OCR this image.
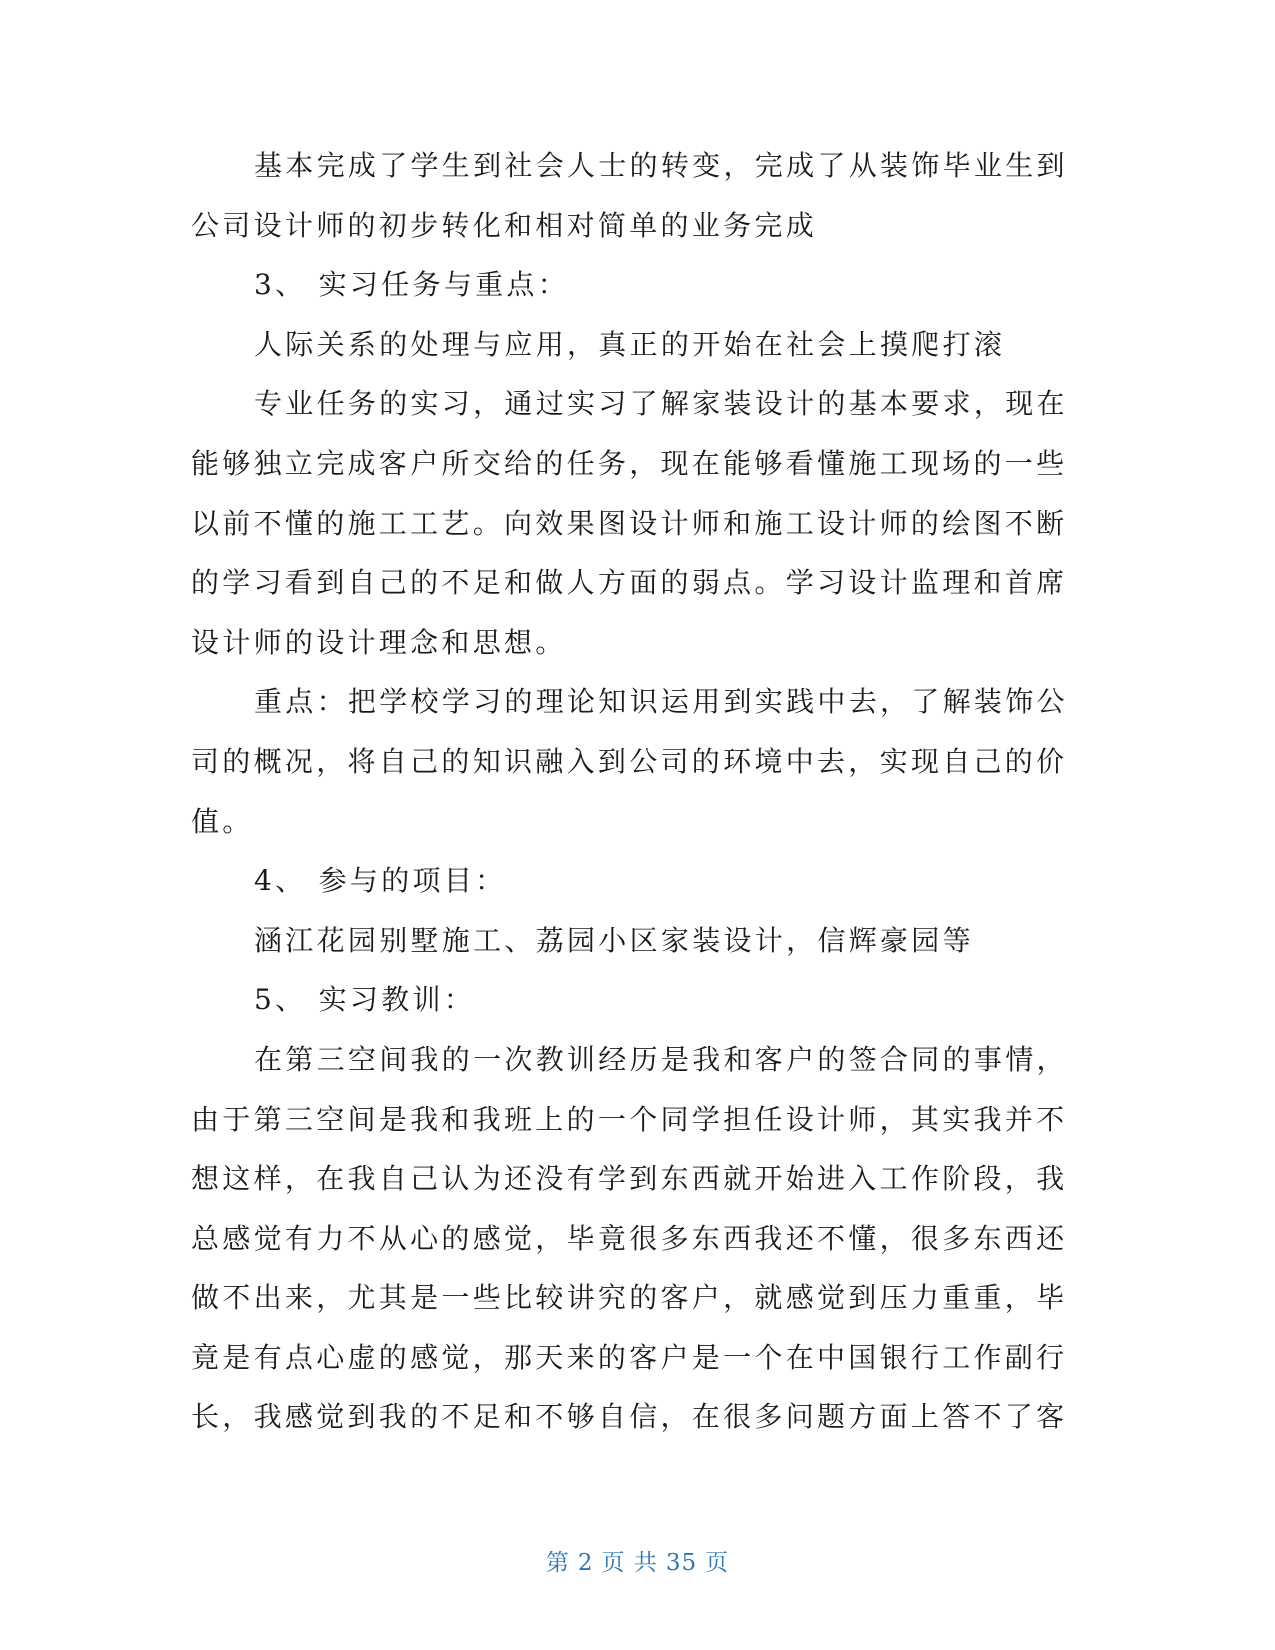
基本完成了学生到社会人士的转变，完成了从装饰毕业生到
公司设计师的初步转化和相对简单的业务完成
3、 实习任务与重点：
人际关系的处理与应用，真正的开始在社会上摸爬打滚
专业任务的实习，通过实习了解家装设计的基本要求，现在
能够独立完成客户所交给的任务，现在能够看懂施工现场的一些
以前不懂的施工工艺。向效果图设计师和施工设计师的绘图不断
的学习看到自己的不足和做人方面的弱点。学习设计监理和首席
设计师的设计理念和思想。
重点：把学校学习的理论知识运用到实践中去，了解装饰公
司的概况，将自己的知识融入到公司的环境中去，实现自己的价
值。
4、 参与的项目：
涵江花园别墅施工、荔园小区家装设计，信辉豪园等
5、 实习教训：
在第三空间我的一次教训经历是我和客户的签合同的事情，
由于第三空间是我和我班上的一个同学担任设计师，其实我并不
想这样，在我自己认为还没有学到东西就开始进入工作阶段，我
总感觉有力不从心的感觉，毕竟很多东西我还不懂，很多东西还
做不出来，尤其是一些比较讲究的客户，就感觉到压力重重，毕
竟是有点心虚的感觉，那天来的客户是一个在中国银行工作副行
长，我感觉到我的不足和不够自信，在很多问题方面上答不了客
第 2 页 共 35 页
